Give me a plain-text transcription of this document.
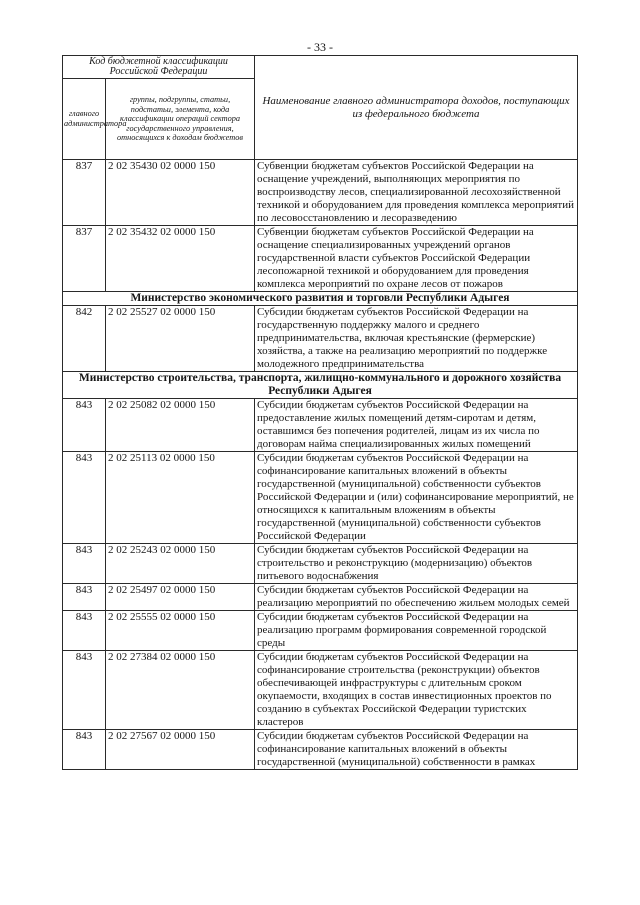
- 33 -
Код бюджетной классификации Российской Федерации		Наименование главного администратора доходов, поступающих из федерального бюджета
главного администратора	группы, подгруппы, статьи, подстатьи, элемента, кода классификации операций сектора государственного управления, относящихся к доходам бюджетов	
837	2 02 35430 02 0000 150	Субвенции бюджетам субъектов Российской Федерации на оснащение учреждений, выполняющих мероприятия по воспроизводству лесов, специализированной лесохозяйственной техникой и оборудованием для проведения комплекса мероприятий по лесовосстановлению и лесоразведению
837	2 02 35432 02 0000 150	Субвенции бюджетам субъектов Российской Федерации на оснащение специализированных учреждений органов государственной власти субъектов Российской Федерации лесопожарной техникой и оборудованием для проведения комплекса мероприятий по охране лесов от пожаров
Министерство экономического развития и торговли Республики Адыгея		
842	2 02 25527 02 0000 150	Субсидии бюджетам субъектов Российской Федерации на государственную поддержку малого и среднего предпринимательства, включая крестьянские (фермерские) хозяйства, а также на реализацию мероприятий по поддержке молодежного предпринимательства
Министерство строительства, транспорта, жилищно-коммунального и дорожного хозяйства Республики Адыгея		
843	2 02 25082 02 0000 150	Субсидии бюджетам субъектов Российской Федерации на предоставление жилых помещений детям-сиротам и детям, оставшимся без попечения родителей, лицам из их числа по договорам найма специализированных жилых помещений
843	2 02 25113 02 0000 150	Субсидии бюджетам субъектов Российской Федерации на софинансирование капитальных вложений в объекты государственной (муниципальной) собственности субъектов Российской Федерации и (или) софинансирование мероприятий, не относящихся к капитальным вложениям в объекты государственной (муниципальной) собственности субъектов Российской Федерации
843	2 02 25243 02 0000 150	Субсидии бюджетам субъектов Российской Федерации на строительство и реконструкцию (модернизацию) объектов питьевого водоснабжения
843	2 02 25497 02 0000 150	Субсидии бюджетам субъектов Российской Федерации на реализацию мероприятий по обеспечению жильем молодых семей
843	2 02 25555 02 0000 150	Субсидии бюджетам субъектов Российской Федерации на реализацию программ формирования современной городской среды
843	2 02 27384 02 0000 150	Субсидии бюджетам субъектов Российской Федерации на софинансирование строительства (реконструкции) объектов обеспечивающей инфраструктуры с длительным сроком окупаемости, входящих в состав инвестиционных проектов по созданию в субъектах Российской Федерации туристских кластеров
843	2 02 27567 02 0000 150	Субсидии бюджетам субъектов Российской Федерации на софинансирование капитальных вложений в объекты государственной (муниципальной) собственности в рамках
